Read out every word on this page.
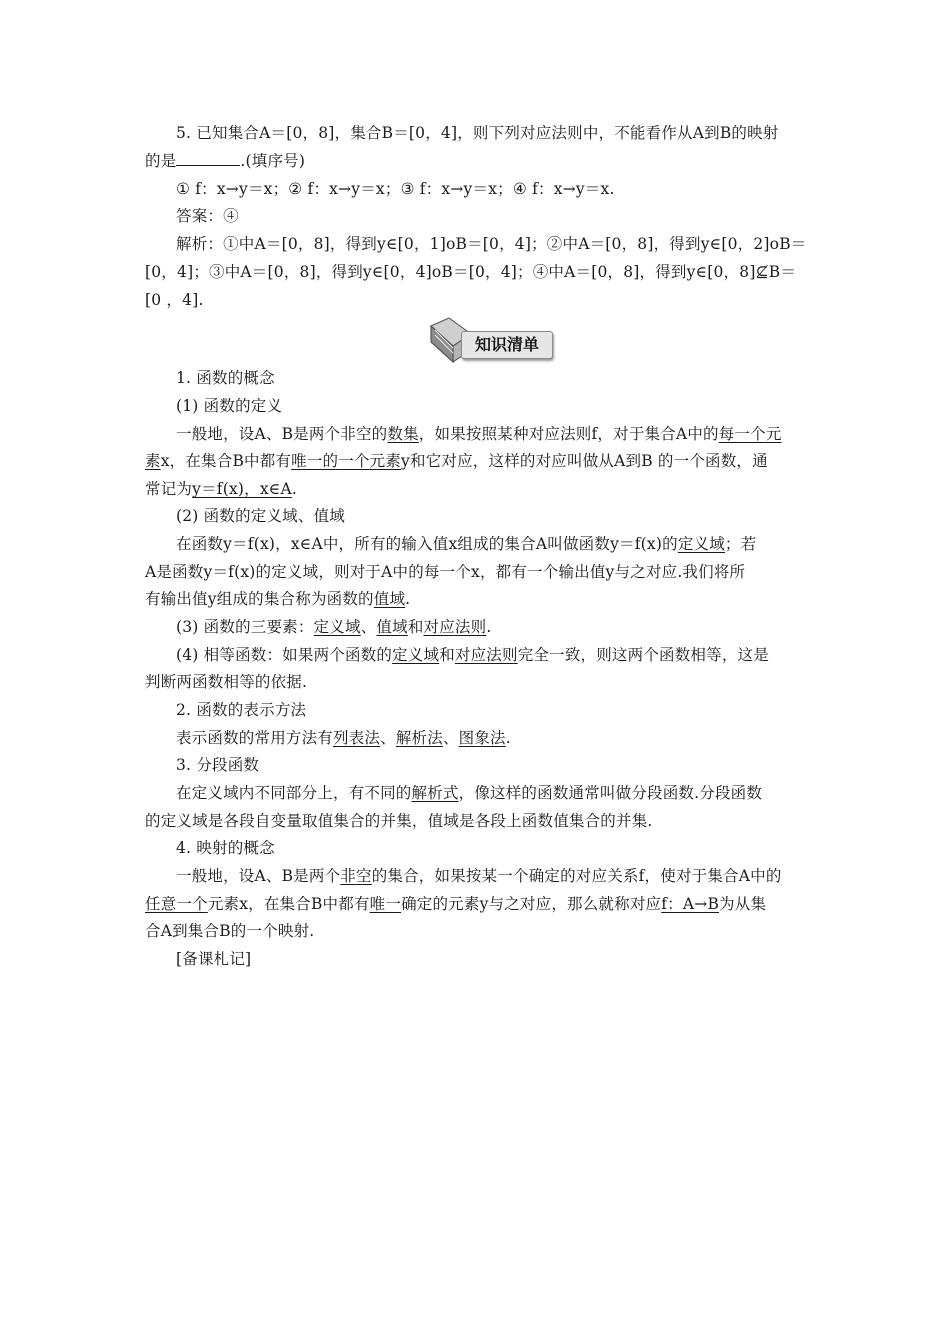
5. 已知集合A＝[0，8]，集合B＝[0，4]，则下列对应法则中，不能看作从A到B的映射
的是	.(填序号)
① f：x→y＝x；② f：x→y＝x；③ f：x→y＝x；④ f：x→y＝x.
答案：④
解析：①中A＝[0，8]，得到y∈[0，1]oB＝[0，4]；②中A＝[0，8]，得到y∈[0，2]oB＝
[0，4]；③中A＝[0，8]，得到y∈[0，4]oB＝[0，4]；④中A＝[0，8]，得到y∈[0，8]⊈B＝
[0 ，4].
知识清单
1. 函数的概念
(1) 函数的定义
一般地，设A、B是两个非空的数集，如果按照某种对应法则f，对于集合A中的每一个元
素x，在集合B中都有唯一的一个元素y和它对应，这样的对应叫做从A到B 的一个函数，通
常记为y＝f(x)，x∈A.
(2) 函数的定义域、值域
在函数y＝f(x)，x∈A中，所有的输入值x组成的集合A叫做函数y＝f(x)的定义域；若
A是函数y＝f(x)的定义域，则对于A中的每一个x，都有一个输出值y与之对应.我们将所
有输出值y组成的集合称为函数的值域.
(3) 函数的三要素：定义域、值域和对应法则.
(4) 相等函数：如果两个函数的定义域和对应法则完全一致，则这两个函数相等，这是
判断两函数相等的依据.
2. 函数的表示方法
表示函数的常用方法有列表法、解析法、图象法.
3. 分段函数
在定义域内不同部分上，有不同的解析式，像这样的函数通常叫做分段函数.分段函数
的定义域是各段自变量取值集合的并集，值域是各段上函数值集合的并集.
4. 映射的概念
一般地，设A、B是两个非空的集合，如果按某一个确定的对应关系f，使对于集合A中的
任意一个元素x，在集合B中都有唯一确定的元素y与之对应，那么就称对应f：A→B为从集
合A到集合B的一个映射.
[备课札记]
